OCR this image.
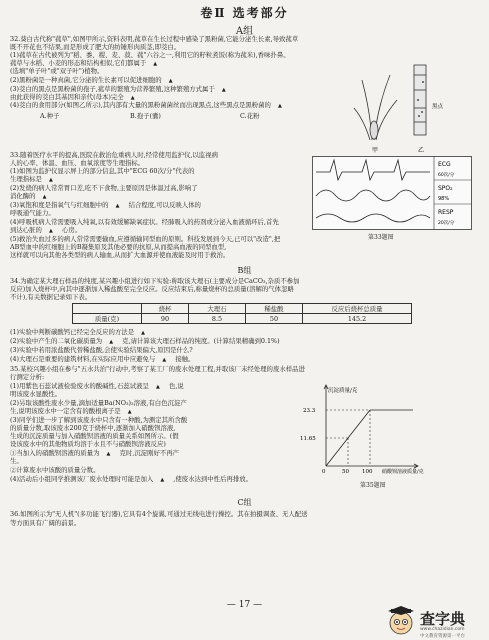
卷Ⅱ 选考部分
A组
32.葵白古代称"菰草",如图甲所示,资料表明,菰草在生长过程中感染了黑粉菌,它能分泌生长素,导致菰草
既不开花也不结果,而是形成了肥大的纺锤形肉质茎,即茭白。
(1)菰草在古代被列为"稻、黍、稷、麦、菽、菰"六谷之一,利用它的籽粒煮饭(称为菰米),香味扑鼻。
菰草与水稻、小麦的形态和结构相似,它们都属于 ▲
(选填"单子叶"或"双子叶")植物。
(2)黑粉菌是一种真菌,它分泌的生长素可以促进细胞的 ▲
(3)茭白的黑点是黑粉菌的孢子,菰草的繁殖为营养繁殖,这种繁殖方式属于 ▲
由此获得的茭白其基因和亲代(母本)完全 ▲
(4)茭白的食用部分(如图乙所示),其内部有大量的黑粉菌菌丝而出现黑点,这些黑点是黑粉菌的 ▲
A.种子	B.孢子(囊)	C.花粉
甲	乙
黑点
33.随着医疗水平的提高,医院在救治危重病人时,经常使用监护仪,以监视病
人的心率、体温、血压、血氧浓度等生理指标。
(1)如图为监护仪显示屏上的部分信息,其中"ECG 60次/分"代表的
生理指标是 ▲
(2)发烧的病人常常胃口差,吃不下食物,主要原因是体温过高,影响了
消化酶的 ▲
(3)氧饱和度是指氧气与红细胞中的 ▲ 结合程度,可以反映人体的
呼吸通气能力。
(4)呼吸机病人常需要吸入纯氧,以有效缓解缺氧症状。经肺吸入的药剂或分泌入血液循环后,首先
到达心脏的 ▲ 心房。
(5)救治失血过多的病人常常需要输血,应遵循输同型血的原则。科技发展到今天,已可以"改造",把
AB型血中的红细胞上的B凝集原及其他必要的抗原,从而提高血液的同型血型,
这样就可以向其他各类型的病人输血,从而扩大血源并使血液能及时用于救治。
ECG
60次/分
SPO₂
98%
RESP
20次/分
第33题图
B组
34.为确定某大理石样品的纯度,某兴趣小组进行如下实验:称取该大理石(主要成分是CaCO₃,杂质不参加
反应)加入烧杯中,向其中逐渐加入稀盐酸至完全反应。反应结束后,称量烧杯的总质量(溶解的气体忽略
不计),有关数据记录如下表。
	烧杯	大理石	稀盐酸	反应后烧杯总质量
质量(克)	90	8.5	50	145.2
(1)实验中判断碳酸钙已经完全反应的方法是 ▲
(2)实验中产生的二氧化碳质量为 ▲ 克,请计算该大理石样品的纯度。(计算结果精确到0.1%)
(3)实验中若用浓盐酸代替稀盐酸,会使实验结果偏大,原因是什么?
(4)大理石是重要的建筑材料,在实际应用中应避免与 ▲ 接触。
35.某校兴趣小组在参与"五水共治"行动中,考察了某工厂的废水处理工程,并取该厂未经处理的废水样品进
行测定分析:
(1)用紫色石蕊试液检验废水的酸碱性,石蕊试液呈 ▲ 色,说
明该废水显酸性。
(2)另取该酸性废水少量,滴加适量Ba(NO₃)₂溶液,有白色沉淀产
生,说明该废水中一定含有的酸根离子是 ▲
(3)同学们进一步了解到该废水中只含有一种酸,为测定其所含酸
的质量分数,取该废水200克于烧杯中,逐渐加入硝酸钡溶液,
生成的沉淀质量与加入硝酸钡溶液的质量关系如图所示。(假
设该废水中的其他物质均溶于水且不与硝酸钡溶液反应)
①当加入的硝酸钡溶液的质量为 ▲ 克时,沉淀刚好不再产
生。
②计算废水中该酸的质量分数。
(4)活动后小组同学推测该厂废水处理时可能是加入 ▲ ,使废水达到中性后再排放。
沉淀质量/克
23.3
11.65
0	50 100 硝酸钡溶液质量/克
第35题图
C组
36.如图所示为"无人机"(多功能飞行器),它具有4个旋翼,可通过无线电进行操控。其在拍摄调查、无人配送
等方面具有广阔的前景。
— 17 —
查字典
www.chazidian.com
中文教育资源第一平台
